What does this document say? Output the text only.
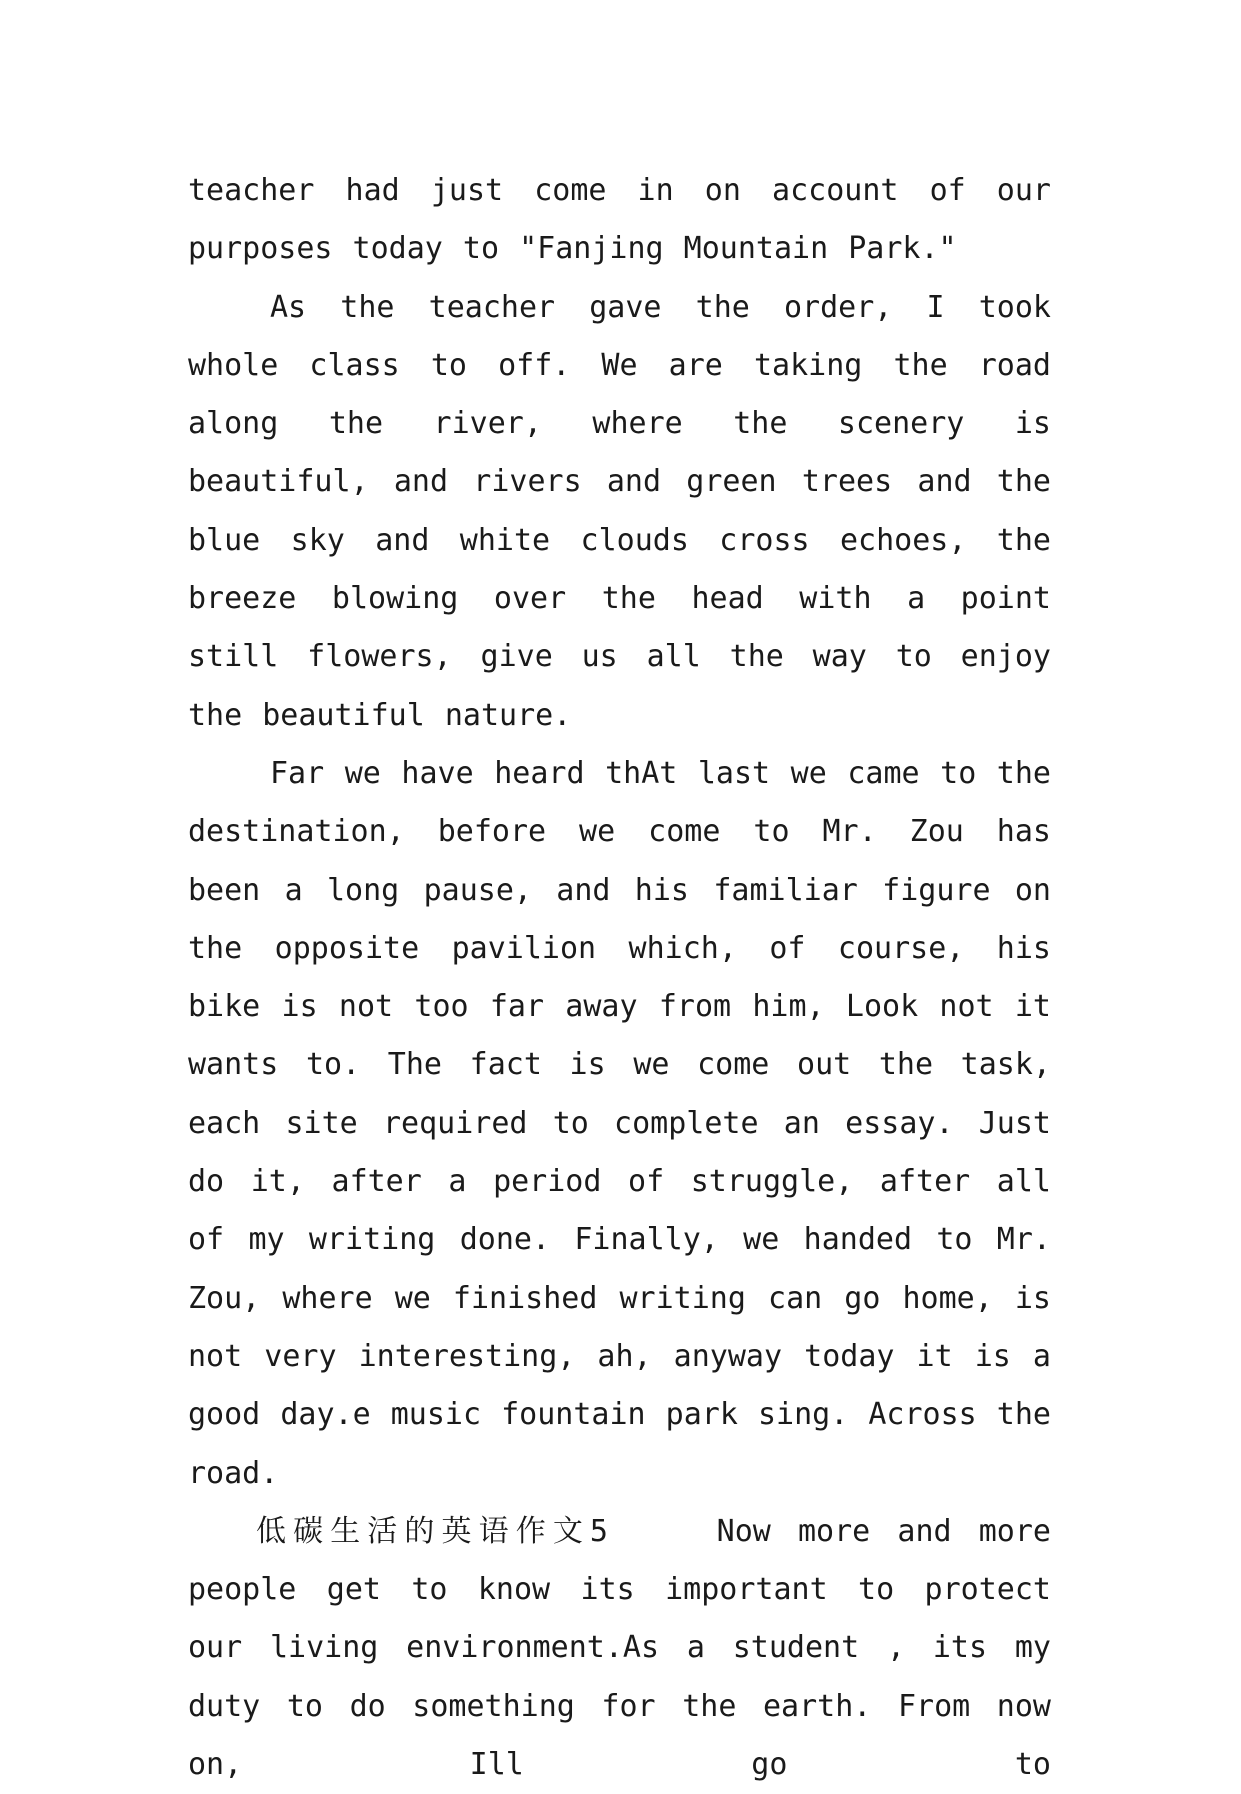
teacher had just come in on account of our purposes today to "Fanjing Mountain Park."

As the teacher gave the order, I took whole class to off. We are taking the road along the river, where the scenery is beautiful, and rivers and green trees and the blue sky and white clouds cross echoes, the breeze blowing over the head with a point still flowers, give us all the way to enjoy the beautiful nature.

Far we have heard thAt last we came to the destination, before we come to Mr. Zou has been a long pause, and his familiar figure on the opposite pavilion which, of course, his bike is not too far away from him, Look not it wants to. The fact is we come out the task, each site required to complete an essay. Just do it, after a period of struggle, after all of my writing done. Finally, we handed to Mr. Zou, where we finished writing can go home, is not very interesting, ah, anyway today it is a good day.e music fountain park sing. Across the road.

低碳生活的英语作文5    Now more and more people get to know its important to protect our living environment.As a student , its my duty to do something for the earth. From now on, Ill go to
